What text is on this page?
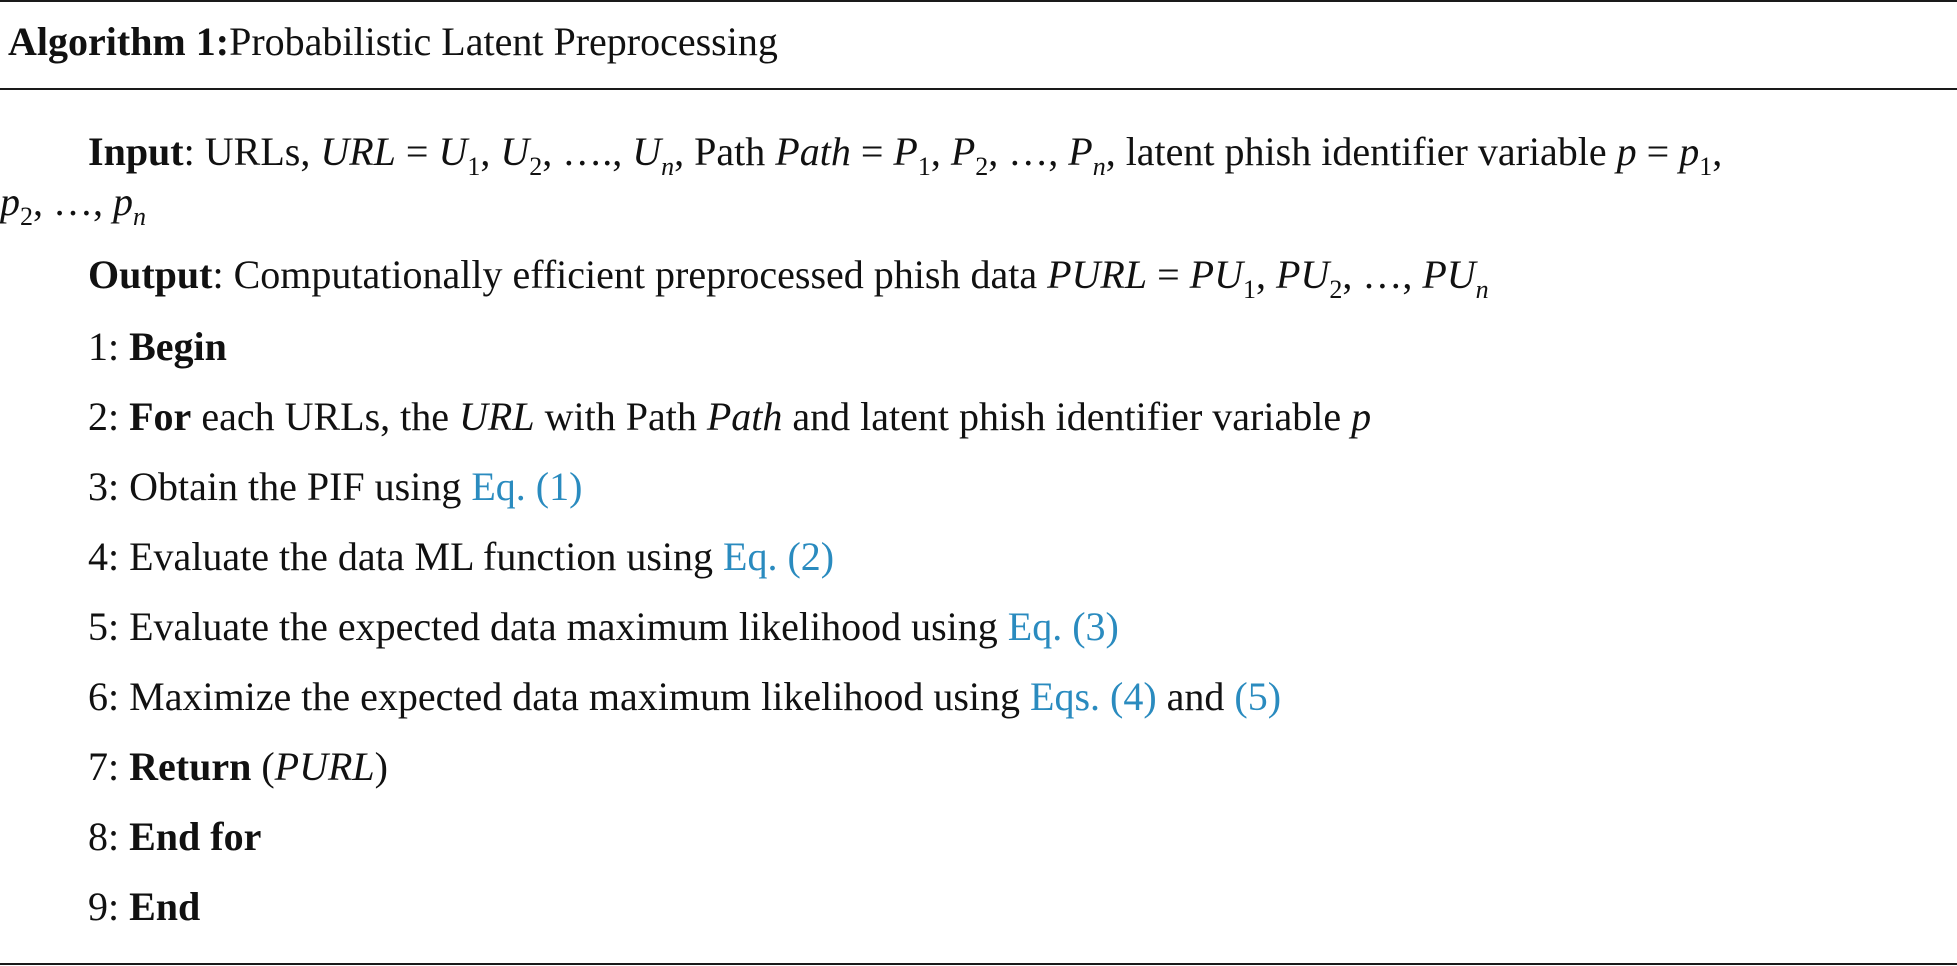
Algorithm 1:Probabilistic Latent Preprocessing
Input: URLs, URL = $U_1$, $U_2$, …., $U_n$, Path Path = $P_1$, $P_2$, …, $P_n$, latent phish identifier variable $p = p_1$,
$p_2$, …, $p_n$
Output: Computationally efficient preprocessed phish data PURL = $PU_1$, $PU_2$, …, $PU_n$
1: Begin
2: For each URLs, the URL with Path Path and latent phish identifier variable p
3: Obtain the PIF using Eq. (1)
4: Evaluate the data ML function using Eq. (2)
5: Evaluate the expected data maximum likelihood using Eq. (3)
6: Maximize the expected data maximum likelihood using Eqs. (4) and (5)
7: Return (PURL)
8: End for
9: End
